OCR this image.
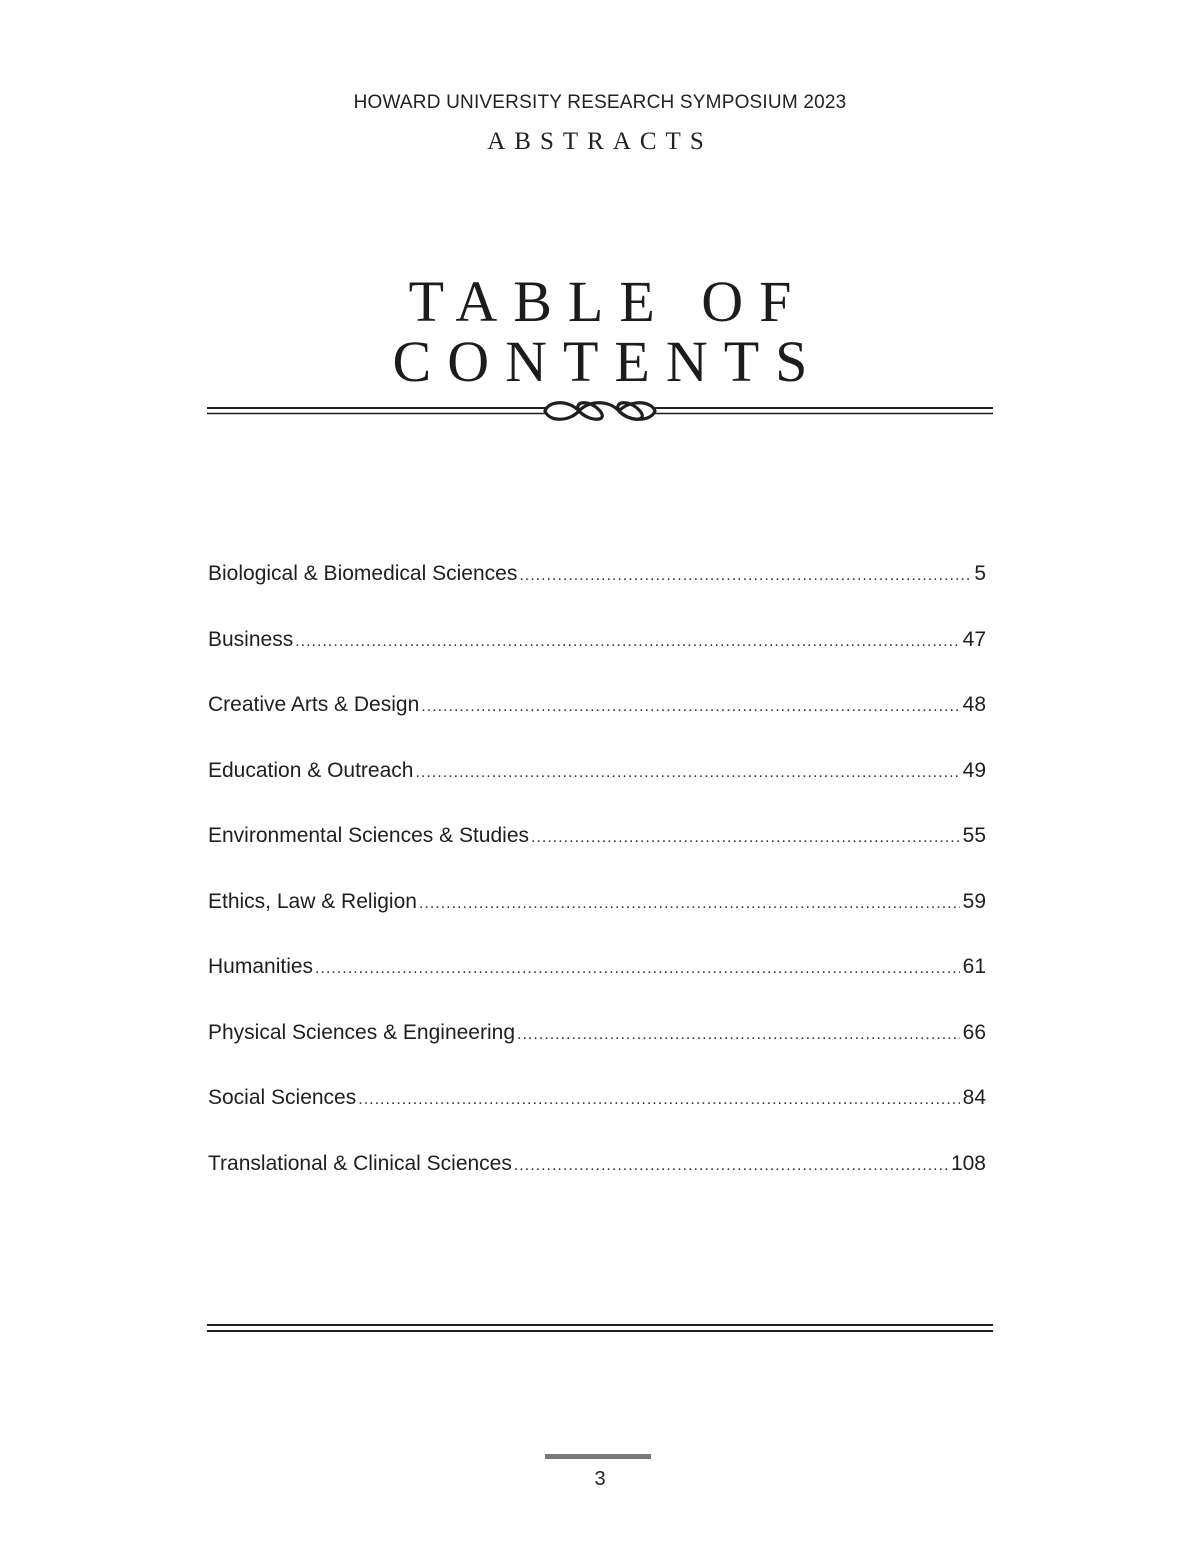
HOWARD UNIVERSITY RESEARCH SYMPOSIUM 2023
ABSTRACTS
TABLE OF
CONTENTS
Biological & Biomedical Sciences .....	5
Business .....	47
Creative Arts & Design .....	48
Education & Outreach .....	49
Environmental Sciences & Studies .....	55
Ethics, Law & Religion .....	59
Humanities .....	61
Physical Sciences & Engineering .....	66
Social Sciences .....	84
Translational & Clinical Sciences .....	108
3
